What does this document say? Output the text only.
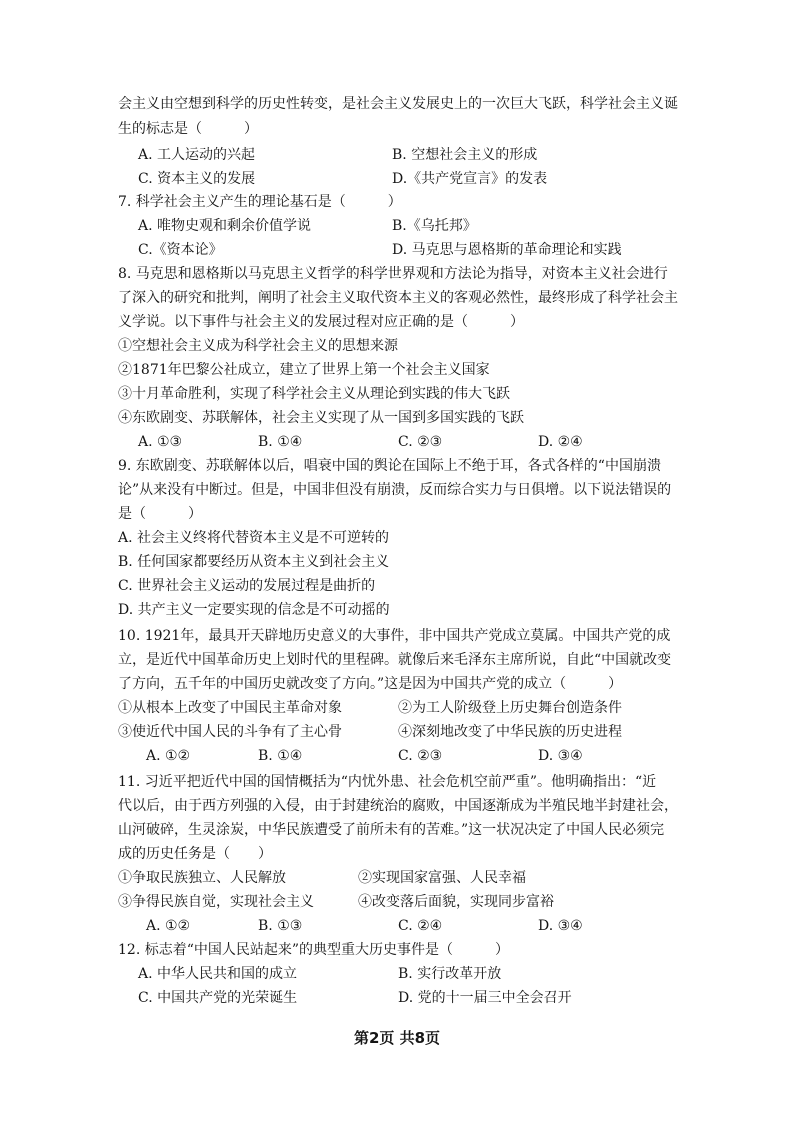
会主义由空想到科学的历史性转变，是社会主义发展史上的一次巨大飞跃，科学社会主义诞
生的标志是（　　　）
A. 工人运动的兴起	B. 空想社会主义的形成
C. 资本主义的发展	D.《共产党宣言》的发表
7. 科学社会主义产生的理论基石是（　　　）
A. 唯物史观和剩余价值学说	B.《乌托邦》
C.《资本论》	D. 马克思与恩格斯的革命理论和实践
8. 马克思和恩格斯以马克思主义哲学的科学世界观和方法论为指导，对资本主义社会进行
了深入的研究和批判，阐明了社会主义取代资本主义的客观必然性，最终形成了科学社会主
义学说。以下事件与社会主义的发展过程对应正确的是（　　　）
①空想社会主义成为科学社会主义的思想来源
②1871年巴黎公社成立，建立了世界上第一个社会主义国家
③十月革命胜利，实现了科学社会主义从理论到实践的伟大飞跃
④东欧剧变、苏联解体，社会主义实现了从一国到多国实践的飞跃
A. ①③	B. ①④	C. ②③	D. ②④
9. 东欧剧变、苏联解体以后，唱衰中国的舆论在国际上不绝于耳，各式各样的“中国崩溃
论”从来没有中断过。但是，中国非但没有崩溃，反而综合实力与日俱增。以下说法错误的
是（　　　）
A. 社会主义终将代替资本主义是不可逆转的
B. 任何国家都要经历从资本主义到社会主义
C. 世界社会主义运动的发展过程是曲折的
D. 共产主义一定要实现的信念是不可动摇的
10. 1921年，最具开天辟地历史意义的大事件，非中国共产党成立莫属。中国共产党的成
立，是近代中国革命历史上划时代的里程碑。就像后来毛泽东主席所说，自此“中国就改变
了方向，五千年的中国历史就改变了方向。”这是因为中国共产党的成立（　　　）
①从根本上改变了中国民主革命对象	②为工人阶级登上历史舞台创造条件
③使近代中国人民的斗争有了主心骨	④深刻地改变了中华民族的历史进程
A. ①②	B. ①④	C. ②③	D. ③④
11. 习近平把近代中国的国情概括为“内忧外患、社会危机空前严重”。他明确指出：“近
代以后，由于西方列强的入侵，由于封建统治的腐败，中国逐渐成为半殖民地半封建社会，
山河破碎，生灵涂炭，中华民族遭受了前所未有的苦难。”这一状况决定了中国人民必须完
成的历史任务是（　　）
①争取民族独立、人民解放	②实现国家富强、人民幸福
③争得民族自觉，实现社会主义	④改变落后面貌，实现同步富裕
A. ①②	B. ①③	C. ②④	D. ③④
12. 标志着“中国人民站起来”的典型重大历史事件是（　　　）
A. 中华人民共和国的成立	B. 实行改革开放
C. 中国共产党的光荣诞生	D. 党的十一届三中全会召开
第2页 共8页
